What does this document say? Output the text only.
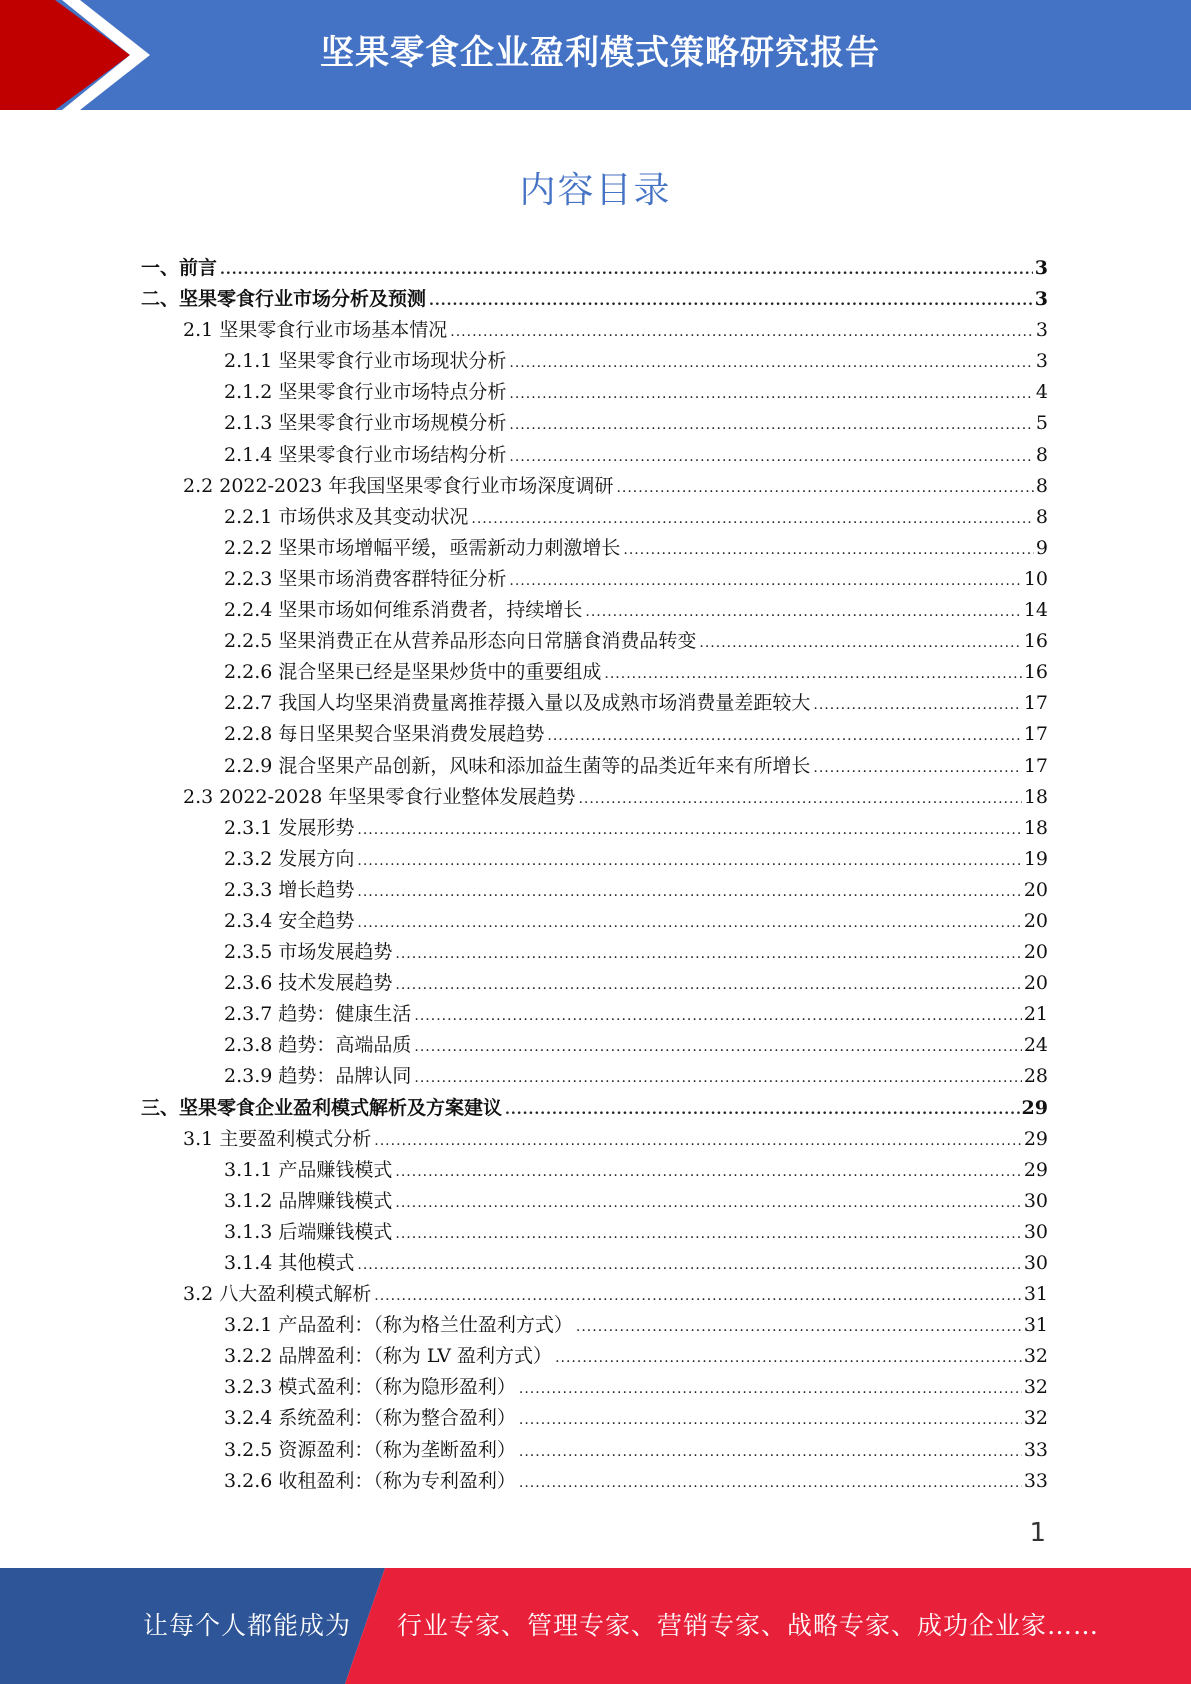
坚果零食企业盈利模式策略研究报告
内容目录
一、前言 .....	3
二、坚果零食行业市场分析及预测 .....	3
2.1 坚果零食行业市场基本情况 .....	3
2.1.1 坚果零食行业市场现状分析 .....	3
2.1.2 坚果零食行业市场特点分析 .....	4
2.1.3 坚果零食行业市场规模分析 .....	5
2.1.4 坚果零食行业市场结构分析 .....	8
2.2 2022-2023 年我国坚果零食行业市场深度调研 .....	8
2.2.1 市场供求及其变动状况 .....	8
2.2.2 坚果市场增幅平缓，亟需新动力刺激增长 .....	9
2.2.3 坚果市场消费客群特征分析 .....	10
2.2.4 坚果市场如何维系消费者，持续增长 .....	14
2.2.5 坚果消费正在从营养品形态向日常膳食消费品转变 .....	16
2.2.6 混合坚果已经是坚果炒货中的重要组成 .....	16
2.2.7 我国人均坚果消费量离推荐摄入量以及成熟市场消费量差距较大 .....	17
2.2.8 每日坚果契合坚果消费发展趋势 .....	17
2.2.9 混合坚果产品创新，风味和添加益生菌等的品类近年来有所增长 .....	17
2.3 2022-2028 年坚果零食行业整体发展趋势 .....	18
2.3.1 发展形势 .....	18
2.3.2 发展方向 .....	19
2.3.3 增长趋势 .....	20
2.3.4 安全趋势 .....	20
2.3.5 市场发展趋势 .....	20
2.3.6 技术发展趋势 .....	20
2.3.7 趋势：健康生活 .....	21
2.3.8 趋势：高端品质 .....	24
2.3.9 趋势：品牌认同 .....	28
三、坚果零食企业盈利模式解析及方案建议 .....	29
3.1 主要盈利模式分析 .....	29
3.1.1 产品赚钱模式 .....	29
3.1.2 品牌赚钱模式 .....	30
3.1.3 后端赚钱模式 .....	30
3.1.4 其他模式 .....	30
3.2 八大盈利模式解析 .....	31
3.2.1 产品盈利：（称为格兰仕盈利方式） .....	31
3.2.2 品牌盈利：（称为 LV 盈利方式） .....	32
3.2.3 模式盈利：（称为隐形盈利） .....	32
3.2.4 系统盈利：（称为整合盈利） .....	32
3.2.5 资源盈利：（称为垄断盈利） .....	33
3.2.6 收租盈利：（称为专利盈利） .....	33
1
让每个人都能成为 行业专家、管理专家、营销专家、战略专家、成功企业家……
